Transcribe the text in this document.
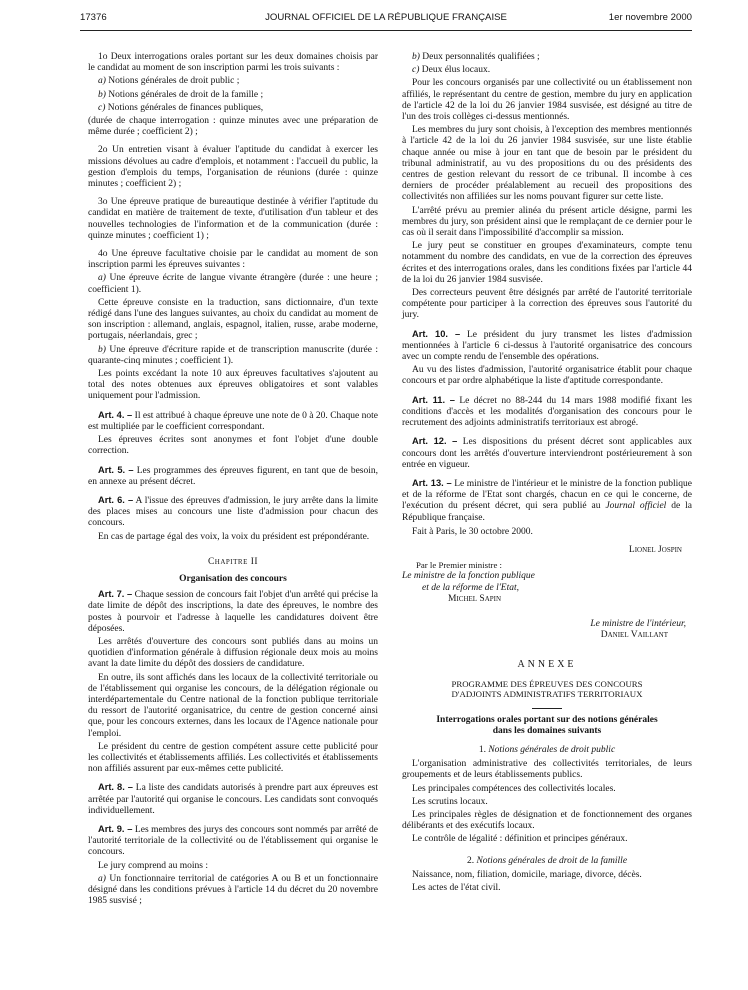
17376	JOURNAL OFFICIEL DE LA RÉPUBLIQUE FRANÇAISE	1er novembre 2000

1o Deux interrogations orales portant sur les deux domaines choisis par le candidat au moment de son inscription parmi les trois suivants :

a) Notions générales de droit public ;

b) Notions générales de droit de la famille ;

c) Notions générales de finances publiques,

(durée de chaque interrogation : quinze minutes avec une préparation de même durée ; coefficient 2) ;

2o Un entretien visant à évaluer l'aptitude du candidat à exercer les missions dévolues au cadre d'emplois, et notamment : l'accueil du public, la gestion d'emplois du temps, l'organisation de réunions (durée : quinze minutes ; coefficient 2) ;

3o Une épreuve pratique de bureautique destinée à vérifier l'aptitude du candidat en matière de traitement de texte, d'utilisation d'un tableur et des nouvelles technologies de l'information et de la communication (durée : quinze minutes ; coefficient 1) ;

4o Une épreuve facultative choisie par le candidat au moment de son inscription parmi les épreuves suivantes :

a) Une épreuve écrite de langue vivante étrangère (durée : une heure ; coefficient 1).

Cette épreuve consiste en la traduction, sans dictionnaire, d'un texte rédigé dans l'une des langues suivantes, au choix du candidat au moment de son inscription : allemand, anglais, espagnol, italien, russe, arabe moderne, portugais, néerlandais, grec ;

b) Une épreuve d'écriture rapide et de transcription manuscrite (durée : quarante-cinq minutes ; coefficient 1).

Les points excédant la note 10 aux épreuves facultatives s'ajoutent au total des notes obtenues aux épreuves obligatoires et sont valables uniquement pour l'admission.

Art. 4. – Il est attribué à chaque épreuve une note de 0 à 20. Chaque note est multipliée par le coefficient correspondant.

Les épreuves écrites sont anonymes et font l'objet d'une double correction.

Art. 5. – Les programmes des épreuves figurent, en tant que de besoin, en annexe au présent décret.

Art. 6. – A l'issue des épreuves d'admission, le jury arrête dans la limite des places mises au concours une liste d'admission pour chacun des concours.

En cas de partage égal des voix, la voix du président est prépondérante.

Chapitre II
Organisation des concours

Art. 7. – Chaque session de concours fait l'objet d'un arrêté qui précise la date limite de dépôt des inscriptions, la date des épreuves, le nombre des postes à pourvoir et l'adresse à laquelle les candidatures doivent être déposées.

Les arrêtés d'ouverture des concours sont publiés dans au moins un quotidien d'information générale à diffusion régionale deux mois au moins avant la date limite du dépôt des dossiers de candidature.

En outre, ils sont affichés dans les locaux de la collectivité territoriale ou de l'établissement qui organise les concours, de la délégation régionale ou interdépartementale du Centre national de la fonction publique territoriale du ressort de l'autorité organisatrice, du centre de gestion concerné ainsi que, pour les concours externes, dans les locaux de l'Agence nationale pour l'emploi.

Le président du centre de gestion compétent assure cette publicité pour les collectivités et établissements affiliés. Les collectivités et établissements non affiliés assurent par eux-mêmes cette publicité.

Art. 8. – La liste des candidats autorisés à prendre part aux épreuves est arrêtée par l'autorité qui organise le concours. Les candidats sont convoqués individuellement.

Art. 9. – Les membres des jurys des concours sont nommés par arrêté de l'autorité territoriale de la collectivité ou de l'établissement qui organise le concours.

Le jury comprend au moins :

a) Un fonctionnaire territorial de catégories A ou B et un fonctionnaire désigné dans les conditions prévues à l'article 14 du décret du 20 novembre 1985 susvisé ;

b) Deux personnalités qualifiées ;

c) Deux élus locaux.

Pour les concours organisés par une collectivité ou un établissement non affiliés, le représentant du centre de gestion, membre du jury en application de l'article 42 de la loi du 26 janvier 1984 susvisée, est désigné au titre de l'un des trois collèges ci-dessus mentionnés.

Les membres du jury sont choisis, à l'exception des membres mentionnés à l'article 42 de la loi du 26 janvier 1984 susvisée, sur une liste établie chaque année ou mise à jour en tant que de besoin par le président du tribunal administratif, au vu des propositions du ou des présidents des centres de gestion relevant du ressort de ce tribunal. Il incombe à ces derniers de procéder préalablement au recueil des propositions des collectivités non affiliées sur les noms pouvant figurer sur cette liste.

L'arrêté prévu au premier alinéa du présent article désigne, parmi les membres du jury, son président ainsi que le remplaçant de ce dernier pour le cas où il serait dans l'impossibilité d'accomplir sa mission.

Le jury peut se constituer en groupes d'examinateurs, compte tenu notamment du nombre des candidats, en vue de la correction des épreuves écrites et des interrogations orales, dans les conditions fixées par l'article 44 de la loi du 26 janvier 1984 susvisée.

Des correcteurs peuvent être désignés par arrêté de l'autorité territoriale compétente pour participer à la correction des épreuves sous l'autorité du jury.

Art. 10. – Le président du jury transmet les listes d'admission mentionnées à l'article 6 ci-dessus à l'autorité organisatrice des concours avec un compte rendu de l'ensemble des opérations.

Au vu des listes d'admission, l'autorité organisatrice établit pour chaque concours et par ordre alphabétique la liste d'aptitude correspondante.

Art. 11. – Le décret no 88-244 du 14 mars 1988 modifié fixant les conditions d'accès et les modalités d'organisation des concours pour le recrutement des adjoints administratifs territoriaux est abrogé.

Art. 12. – Les dispositions du présent décret sont applicables aux concours dont les arrêtés d'ouverture interviendront postérieurement à son entrée en vigueur.

Art. 13. – Le ministre de l'intérieur et le ministre de la fonction publique et de la réforme de l'Etat sont chargés, chacun en ce qui le concerne, de l'exécution du présent décret, qui sera publié au Journal officiel de la République française.

Fait à Paris, le 30 octobre 2000.

Lionel Jospin
Par le Premier ministre :
Le ministre de la fonction publique
et de la réforme de l'Etat,
Michel Sapin
Le ministre de l'intérieur,
Daniel Vaillant
ANNEXE
PROGRAMME DES ÉPREUVES DES CONCOURS
D'ADJOINTS ADMINISTRATIFS TERRITORIAUX
Interrogations orales portant sur des notions générales
dans les domaines suivants
1. Notions générales de droit public

L'organisation administrative des collectivités territoriales, de leurs groupements et de leurs établissements publics.

Les principales compétences des collectivités locales.

Les scrutins locaux.

Les principales règles de désignation et de fonctionnement des organes délibérants et des exécutifs locaux.

Le contrôle de légalité : définition et principes généraux.

2. Notions générales de droit de la famille

Naissance, nom, filiation, domicile, mariage, divorce, décès.

Les actes de l'état civil.
